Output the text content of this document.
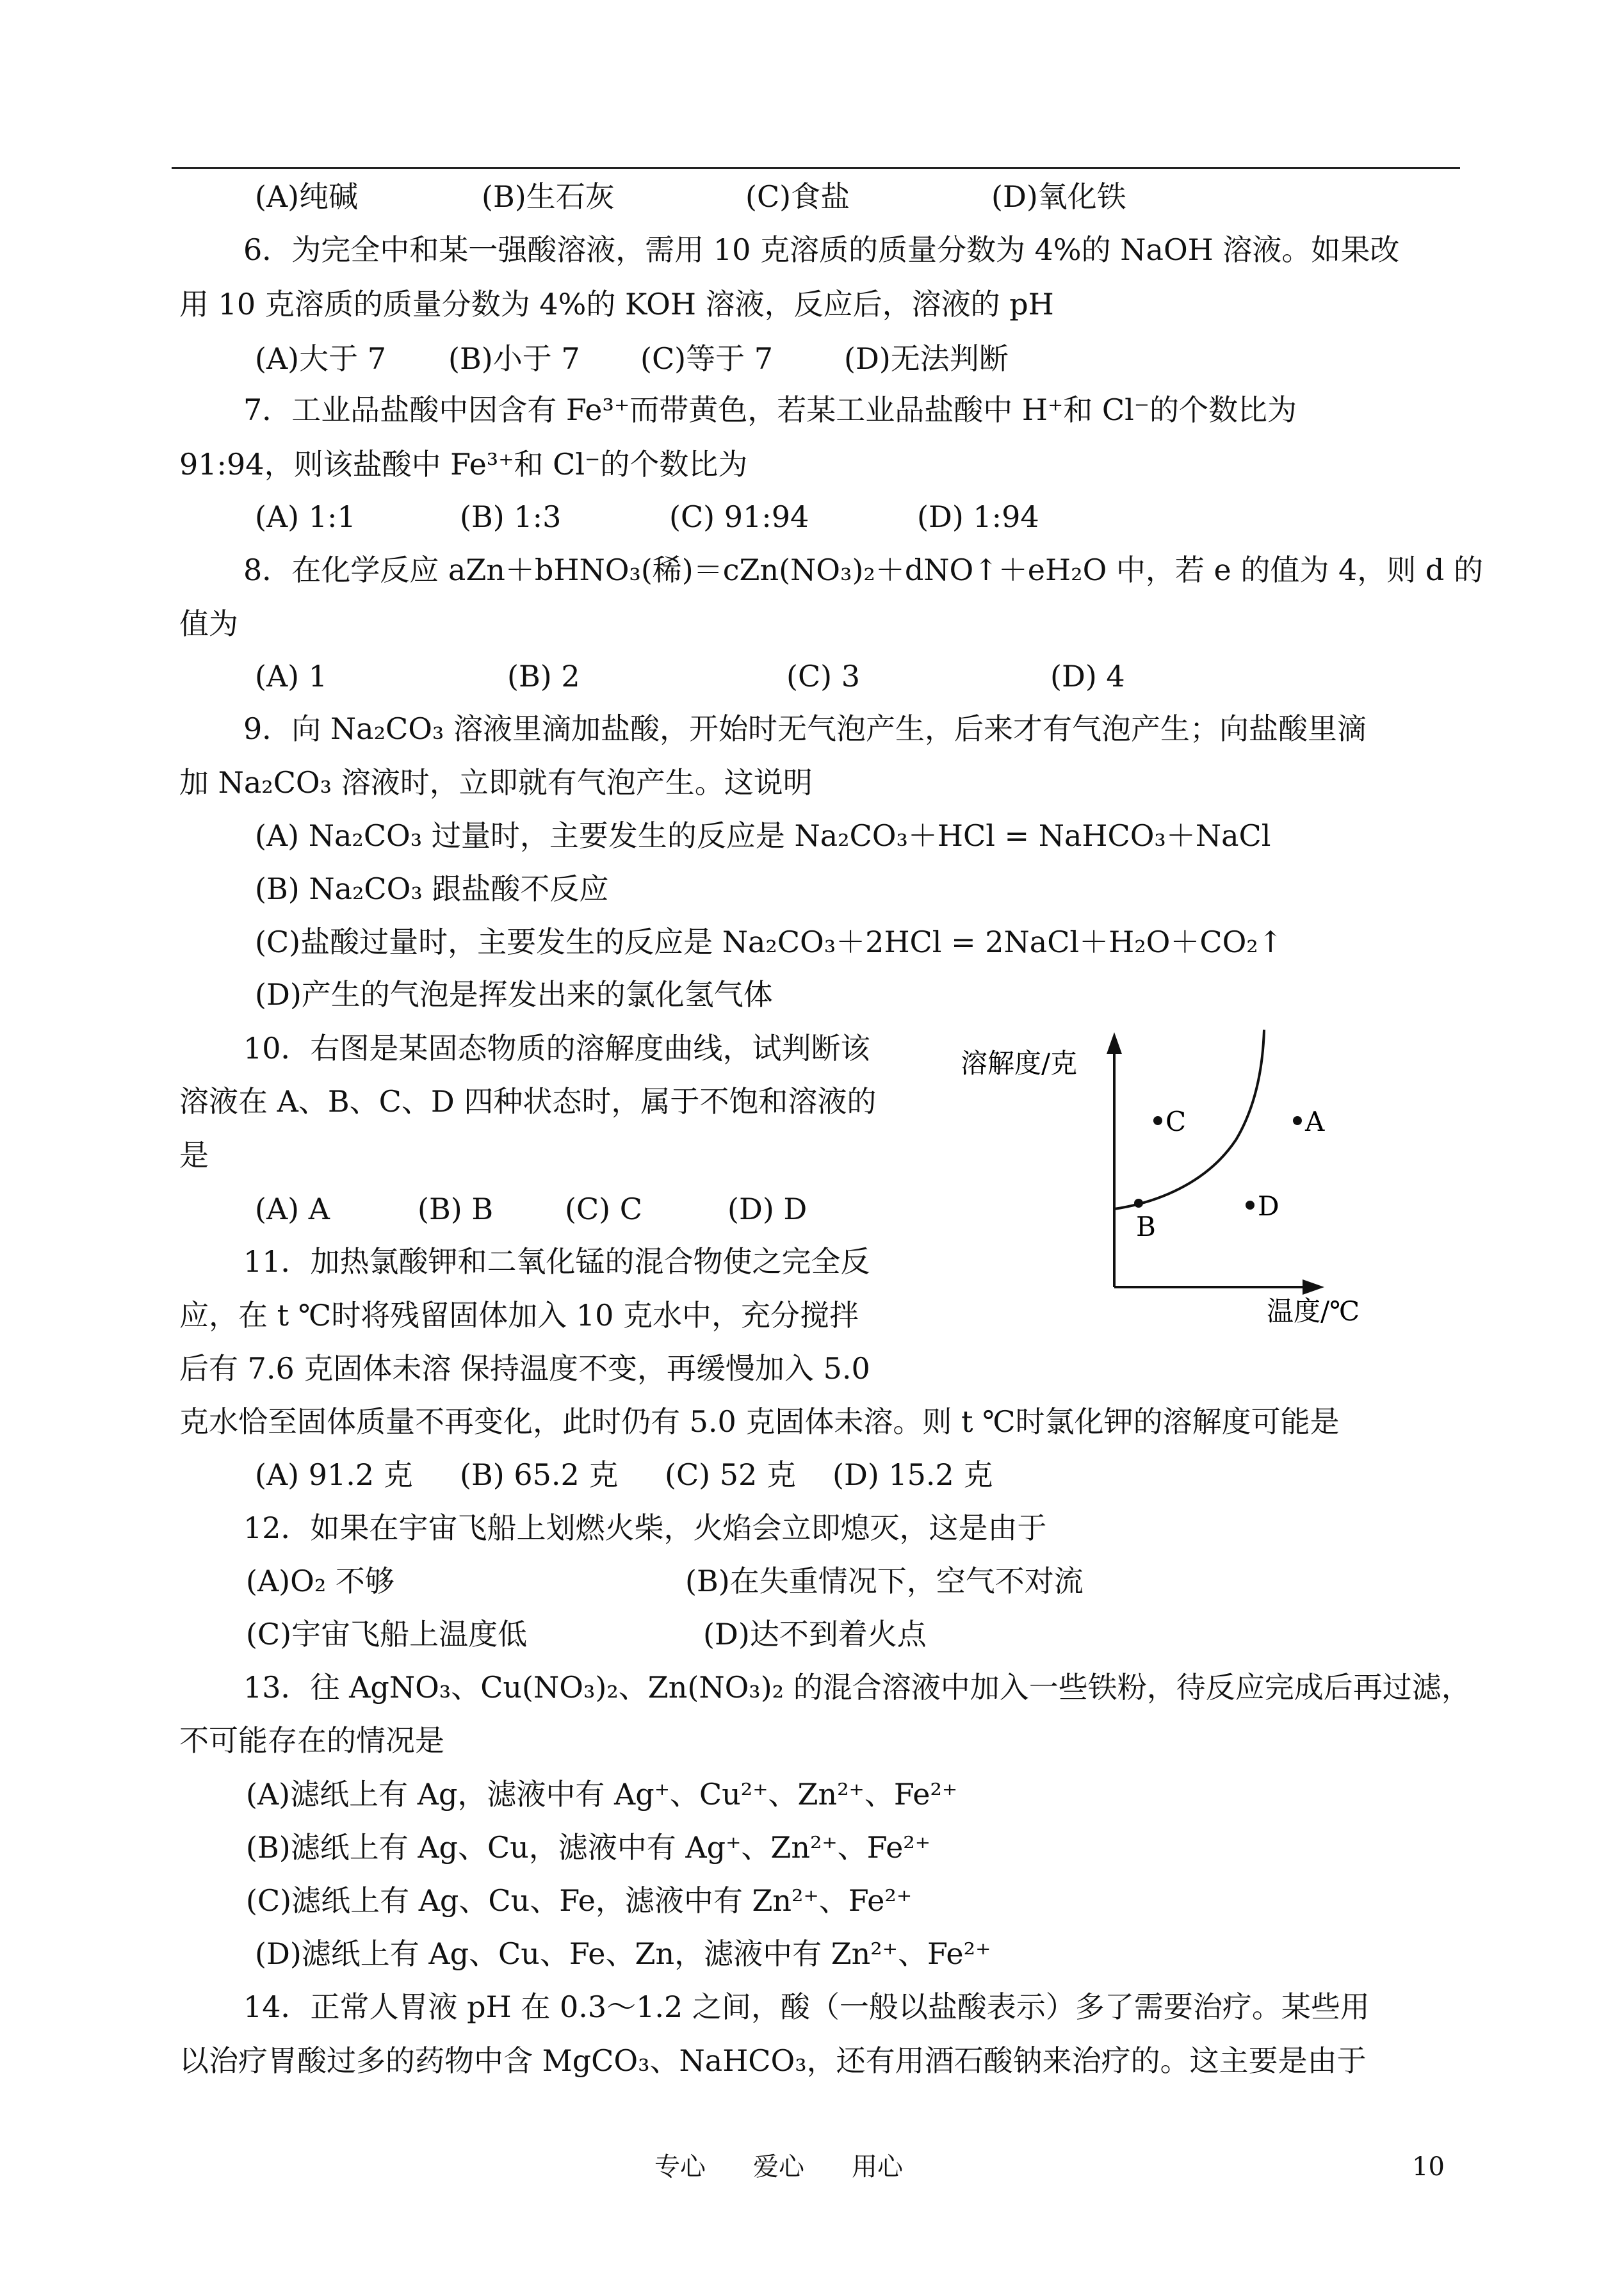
(A)纯碱	(B)生石灰	(C)食盐	(D)氧化铁
6．为完全中和某一强酸溶液，需用 10 克溶质的质量分数为 4%的 NaOH 溶液。如果改
用 10 克溶质的质量分数为 4%的 KOH 溶液，反应后，溶液的 pH
(A)大于 7 (B)小于 7 (C)等于 7 (D)无法判断
7．工业品盐酸中因含有 Fe³⁺而带黄色，若某工业品盐酸中 H⁺和 Cl⁻的个数比为
91:94，则该盐酸中 Fe³⁺和 Cl⁻的个数比为
(A) 1:1	(B) 1:3	(C) 91:94	(D) 1:94
8．在化学反应 aZn＋bHNO₃(稀)＝cZn(NO₃)₂＋dNO↑＋eH₂O 中，若 e 的值为 4，则 d 的
值为
(A) 1	(B) 2	(C) 3	(D) 4
9．向 Na₂CO₃ 溶液里滴加盐酸，开始时无气泡产生，后来才有气泡产生；向盐酸里滴
加 Na₂CO₃ 溶液时，立即就有气泡产生。这说明
(A) Na₂CO₃ 过量时，主要发生的反应是 Na₂CO₃＋HCl = NaHCO₃＋NaCl
(B) Na₂CO₃ 跟盐酸不反应
(C)盐酸过量时，主要发生的反应是 Na₂CO₃＋2HCl = 2NaCl＋H₂O＋CO₂↑
(D)产生的气泡是挥发出来的氯化氢气体
10．右图是某固态物质的溶解度曲线，试判断该
溶液在 A、B、C、D 四种状态时，属于不饱和溶液的
是
(A) A	(B) B (C) C	(D) D
11．加热氯酸钾和二氧化锰的混合物使之完全反
应，在 t ℃时将残留固体加入 10 克水中，充分搅拌
后有 7.6 克固体未溶 保持温度不变，再缓慢加入 5.0
克水恰至固体质量不再变化，此时仍有 5.0 克固体未溶。则 t ℃时氯化钾的溶解度可能是
(A) 91.2 克 (B) 65.2 克 (C) 52 克 (D) 15.2 克
12．如果在宇宙飞船上划燃火柴，火焰会立即熄灭，这是由于
(A)O₂ 不够	(B)在失重情况下，空气不对流
(C)宇宙飞船上温度低	(D)达不到着火点
13．往 AgNO₃、Cu(NO₃)₂、Zn(NO₃)₂ 的混合溶液中加入一些铁粉，待反应完成后再过滤，
不可能存在的情况是
(A)滤纸上有 Ag，滤液中有 Ag⁺、Cu²⁺、Zn²⁺、Fe²⁺
(B)滤纸上有 Ag、Cu，滤液中有 Ag⁺、Zn²⁺、Fe²⁺
(C)滤纸上有 Ag、Cu、Fe，滤液中有 Zn²⁺、Fe²⁺
(D)滤纸上有 Ag、Cu、Fe、Zn，滤液中有 Zn²⁺、Fe²⁺
14．正常人胃液 pH 在 0.3～1.2 之间，酸（一般以盐酸表示）多了需要治疗。某些用
以治疗胃酸过多的药物中含 MgCO₃、NaHCO₃，还有用酒石酸钠来治疗的。这主要是由于
溶解度/克
温度/℃
C	A
B
D
专心 爱心 用心	10
